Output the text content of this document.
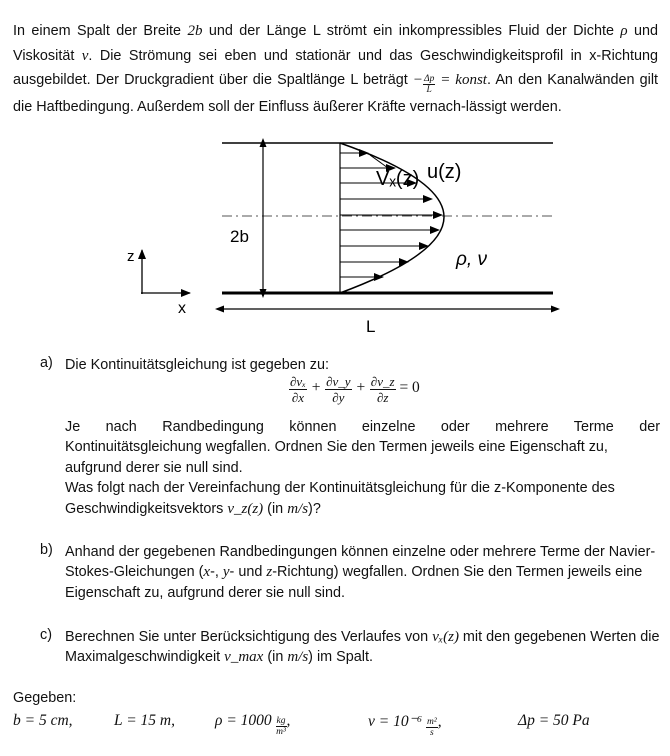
In einem Spalt der Breite 2b und der Länge L strömt ein inkompressibles Fluid der Dichte ρ und Viskosität ν. Die Strömung sei eben und stationär und das Geschwindigkeitsprofil in x-Richtung ausgebildet. Der Druckgradient über die Spaltlänge L beträgt − $\frac{\Delta p}{L}$ = konst. An den Kanalwänden gilt die Haftbedingung. Außerdem soll der Einfluss äußerer Kräfte vernach-lässigt werden.
2b
Vₓ(z) u(z)
ρ, ν
z
x
L
a) Die Kontinuitätsgleichung ist gegeben zu:
$\frac{\text{∂vₓ}}{\partial x} + \frac{\partial v\_y}{\partial y} + \frac{\partial v\_z}{\partial z} = 0$
Je nach Randbedingung können einzelne oder mehrere Terme der
Kontinuitätsgleichung wegfallen. Ordnen Sie den Termen jeweils eine Eigenschaft zu, aufgrund derer sie null sind.
Was folgt nach der Vereinfachung der Kontinuitätsgleichung für die z-Komponente des Geschwindigkeitsvektors v_z(z) (in m/s)?
b) Anhand der gegebenen Randbedingungen können einzelne oder mehrere Terme der Navier-Stokes-Gleichungen (x-, y- und z-Richtung) wegfallen. Ordnen Sie den Termen jeweils eine Eigenschaft zu, aufgrund derer sie null sind.
c) Berechnen Sie unter Berücksichtigung des Verlaufes von vₓ(z) mit den gegebenen Werten die Maximalgeschwindigkeit v_max (in m/s) im Spalt.
Gegeben:
b = 5 cm,	L = 15 m,	$\rho = 1000 \frac{kg}{\text{m³}}$ ,	$\nu = 10^{-6} \frac{\text{m²}}{s}$ ,	Δp = 50 Pa
